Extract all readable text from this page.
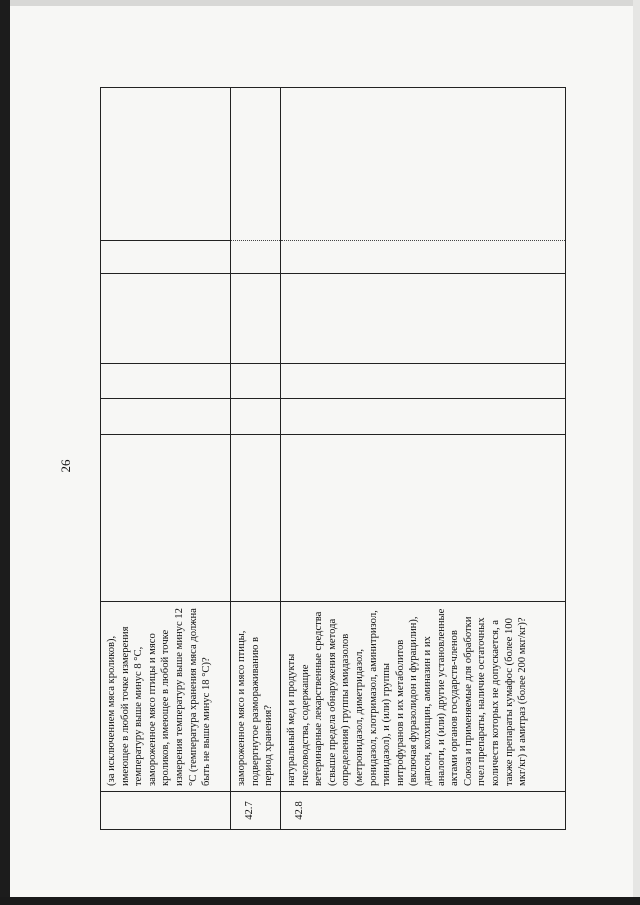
26
(за исключением мяса кроликов), имеющее в любой точке измерения температуру выше минус 8 °С, замороженное мясо птицы и мясо кроликов, имеющее в любой точке измерения температуру выше минус 12 °С (температура хранения мяса должна быть не выше минус 18 °С)?
42.7
замороженное мясо и мясо птицы, подвергнутое размораживанию в период хранения?
42.8
натуральный мед и продукты пчеловодства, содержащие ветеринарные лекарственные средства (свыше предела обнаружения метода определения) группы имидазолов (метронидазол, диметридазол, ронидазол, клотримазол, аминитризол, тинидазол), и (или) группы нитрофуранов и их метаболитов (включая фуразолидон и фурацилин), дапсон, колхицин, аминазин и их аналоги, и (или) другие установленные актами органов государств-членов Союза и применяемые для обработки пчел препараты, наличие остаточных количеств которых не допускается, а также препараты кумафос (более 100 мкг/кг) и амитраз (более 200 мкг/кг)?
